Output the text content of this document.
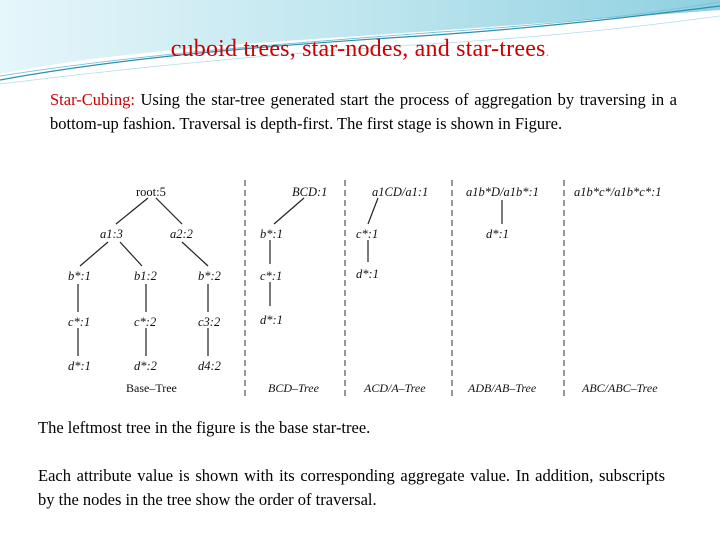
cuboid trees, star-nodes, and star-trees.
Star-Cubing: Using the star-tree generated start the process of aggregation by traversing in a bottom-up fashion. Traversal is depth-first. The first stage is shown in Figure.
root:5
a1:3	a2:2
b*:1	b1:2	b*:2
c*:1	c*:2	c3:2
d*:1	d*:2	d4:2
Base–Tree
BCD:1
b*:1
c*:1
d*:1
BCD–Tree
a1CD/a1:1
c*:1
d*:1
ACD/A–Tree
a1b*D/a1b*:1
d*:1
ADB/AB–Tree
a1b*c*/a1b*c*:1
ABC/ABC–Tree
The leftmost tree in the figure is the base star-tree.
Each attribute value is shown with its corresponding aggregate value. In addition, subscripts by the nodes in the tree show the order of traversal.
